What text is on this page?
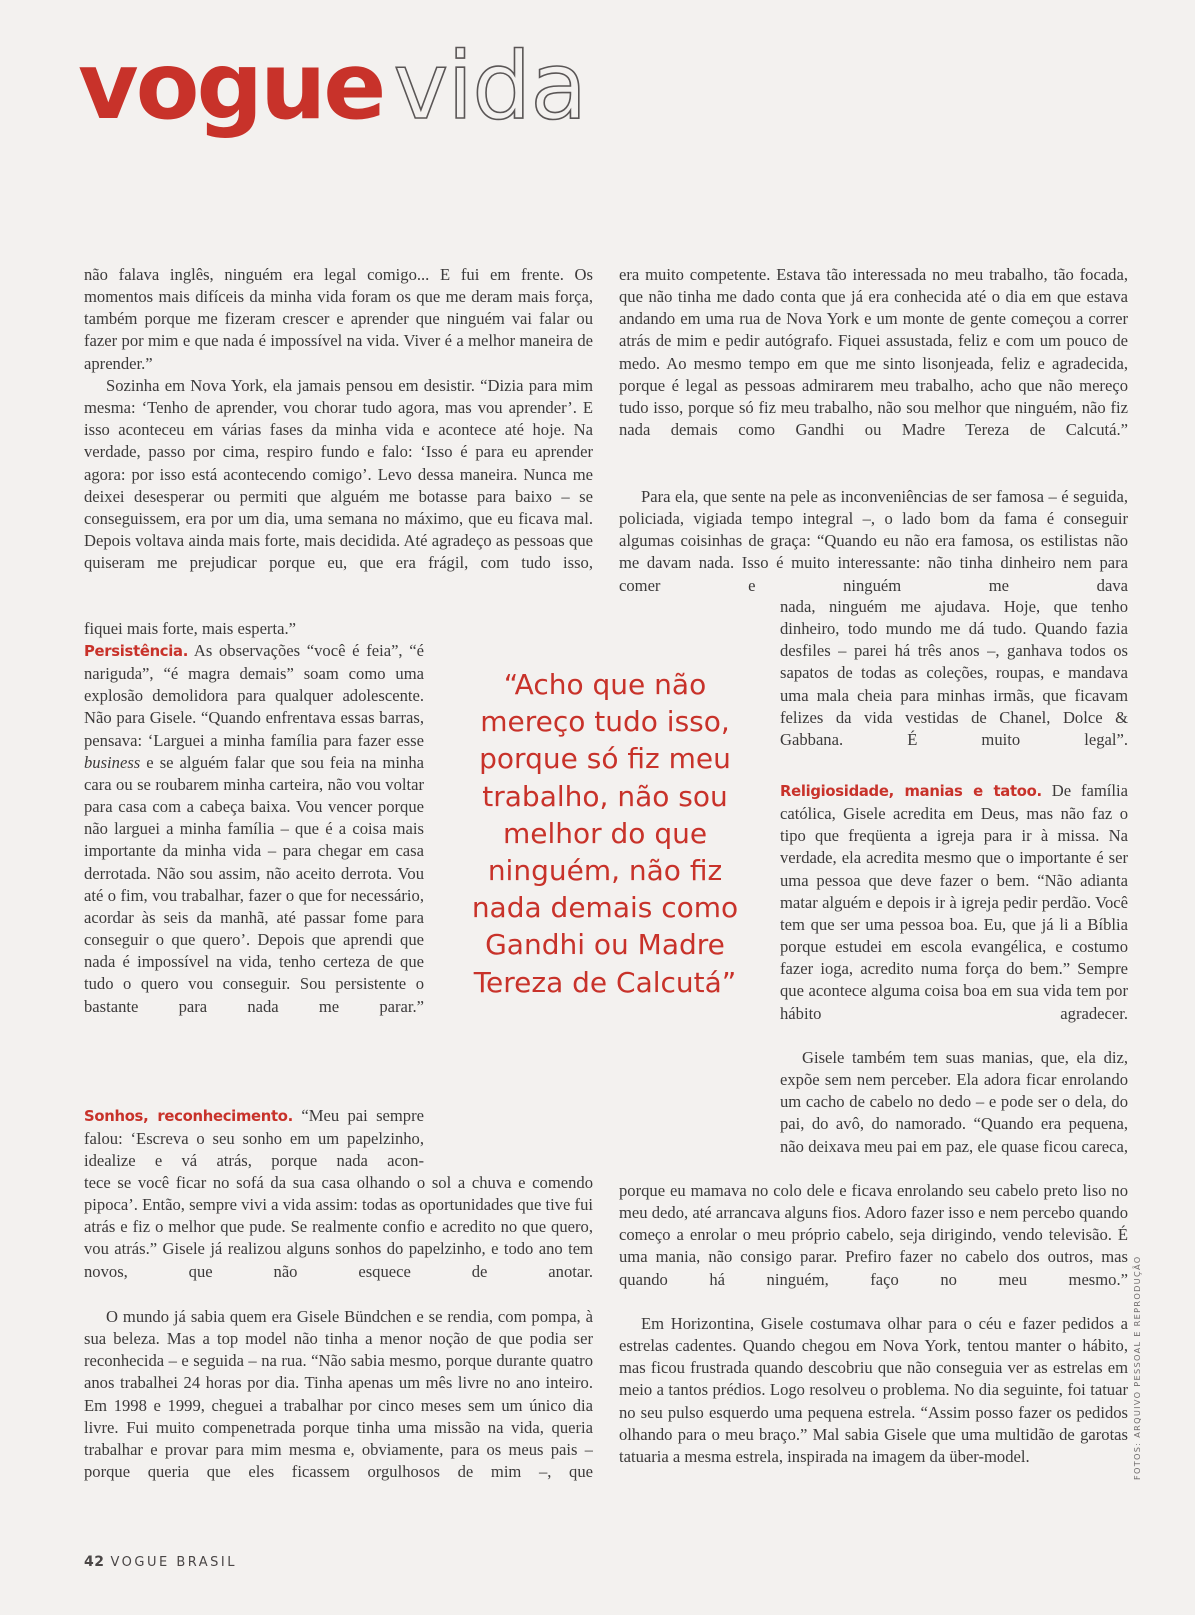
vogue vida

não falava inglês, ninguém era legal comigo... E fui em frente. Os momentos mais difíceis da minha vida foram os que me deram mais força, também porque me fizeram crescer e aprender que ninguém vai falar ou fazer por mim e que nada é impossível na vida. Viver é a melhor maneira de aprender.”

Sozinha em Nova York, ela jamais pensou em desistir. “Dizia para mim mesma: ‘Tenho de aprender, vou chorar tudo agora, mas vou aprender’. E isso aconteceu em várias fases da minha vida e acontece até hoje. Na verdade, passo por cima, respiro fundo e falo: ‘Isso é para eu aprender agora: por isso está acontecendo comigo’. Levo dessa maneira. Nunca me deixei desesperar ou permiti que alguém me botasse para baixo – se conseguissem, era por um dia, uma semana no máximo, que eu ficava mal. Depois voltava ainda mais forte, mais decidida. Até agradeço as pessoas que quiseram me prejudicar porque eu, que era frágil, com tudo isso,

fiquei mais forte, mais esperta.”

Persistência. As observações “você é feia”, “é nariguda”, “é magra demais” soam como uma explosão demolidora para qualquer adolescente. Não para Gisele. “Quando enfrentava essas barras, pensava: ‘Larguei a minha família para fazer esse business e se alguém falar que sou feia na minha cara ou se roubarem minha carteira, não vou voltar para casa com a cabeça baixa. Vou vencer porque não larguei a minha família – que é a coisa mais importante da minha vida – para chegar em casa derrotada. Não sou assim, não aceito derrota. Vou até o fim, vou trabalhar, fazer o que for necessário, acordar às seis da manhã, até passar fome para conseguir o que quero’. Depois que aprendi que nada é impossível na vida, tenho certeza de que tudo o quero vou conseguir. Sou persistente o bastante para nada me parar.”

Sonhos, reconhecimento. “Meu pai sempre falou: ‘Escreva o seu sonho em um papelzinho, idealize e vá atrás, porque nada acon-

tece se você ficar no sofá da sua casa olhando o sol a chuva e comendo pipoca’. Então, sempre vivi a vida assim: todas as oportunidades que tive fui atrás e fiz o melhor que pude. Se realmente confio e acredito no que quero, vou atrás.” Gisele já realizou alguns sonhos do papelzinho, e todo ano tem novos, que não esquece de anotar.

O mundo já sabia quem era Gisele Bündchen e se rendia, com pompa, à sua beleza. Mas a top model não tinha a menor noção de que podia ser reconhecida – e seguida – na rua. “Não sabia mesmo, porque durante quatro anos trabalhei 24 horas por dia. Tinha apenas um mês livre no ano inteiro. Em 1998 e 1999, cheguei a trabalhar por cinco meses sem um único dia livre. Fui muito compenetrada porque tinha uma missão na vida, queria trabalhar e provar para mim mesma e, obviamente, para os meus pais – porque queria que eles ficassem orgulhosos de mim –, que

“Acho que não mereço tudo isso, porque só fiz meu trabalho, não sou melhor do que ninguém, não fiz nada demais como Gandhi ou Madre Tereza de Calcutá”

era muito competente. Estava tão interessada no meu trabalho, tão focada, que não tinha me dado conta que já era conhecida até o dia em que estava andando em uma rua de Nova York e um monte de gente começou a correr atrás de mim e pedir autógrafo. Fiquei assustada, feliz e com um pouco de medo. Ao mesmo tempo em que me sinto lisonjeada, feliz e agradecida, porque é legal as pessoas admirarem meu trabalho, acho que não mereço tudo isso, porque só fiz meu trabalho, não sou melhor que ninguém, não fiz nada demais como Gandhi ou Madre Tereza de Calcutá.”

Para ela, que sente na pele as inconveniências de ser famosa – é seguida, policiada, vigiada tempo integral –, o lado bom da fama é conseguir algumas coisinhas de graça: “Quando eu não era famosa, os estilistas não me davam nada. Isso é muito interessante: não tinha dinheiro nem para comer e ninguém me dava

nada, ninguém me ajudava. Hoje, que tenho dinheiro, todo mundo me dá tudo. Quando fazia desfiles – parei há três anos –, ganhava todos os sapatos de todas as coleções, roupas, e mandava uma mala cheia para minhas irmãs, que ficavam felizes da vida vestidas de Chanel, Dolce & Gabbana. É muito legal”.

Religiosidade, manias e tatoo. De família católica, Gisele acredita em Deus, mas não faz o tipo que freqüenta a igreja para ir à missa. Na verdade, ela acredita mesmo que o importante é ser uma pessoa que deve fazer o bem. “Não adianta matar alguém e depois ir à igreja pedir perdão. Você tem que ser uma pessoa boa. Eu, que já li a Bíblia porque estudei em escola evangélica, e costumo fazer ioga, acredito numa força do bem.” Sempre que acontece alguma coisa boa em sua vida tem por hábito agradecer.

Gisele também tem suas manias, que, ela diz, expõe sem nem perceber. Ela adora ficar enrolando um cacho de cabelo no dedo – e pode ser o dela, do pai, do avô, do namorado. “Quando era pequena, não deixava meu pai em paz, ele quase ficou careca,

porque eu mamava no colo dele e ficava enrolando seu cabelo preto liso no meu dedo, até arrancava alguns fios. Adoro fazer isso e nem percebo quando começo a enrolar o meu próprio cabelo, seja dirigindo, vendo televisão. É uma mania, não consigo parar. Prefiro fazer no cabelo dos outros, mas quando há ninguém, faço no meu mesmo.”

Em Horizontina, Gisele costumava olhar para o céu e fazer pedidos a estrelas cadentes. Quando chegou em Nova York, tentou manter o hábito, mas ficou frustrada quando descobriu que não conseguia ver as estrelas em meio a tantos prédios. Logo resolveu o problema. No dia seguinte, foi tatuar no seu pulso esquerdo uma pequena estrela. “Assim posso fazer os pedidos olhando para o meu braço.” Mal sabia Gisele que uma multidão de garotas tatuaria a mesma estrela, inspirada na imagem da über-model.

42 VOGUE BRASIL
FOTOS: ARQUIVO PESSOAL E REPRODUÇÃO
